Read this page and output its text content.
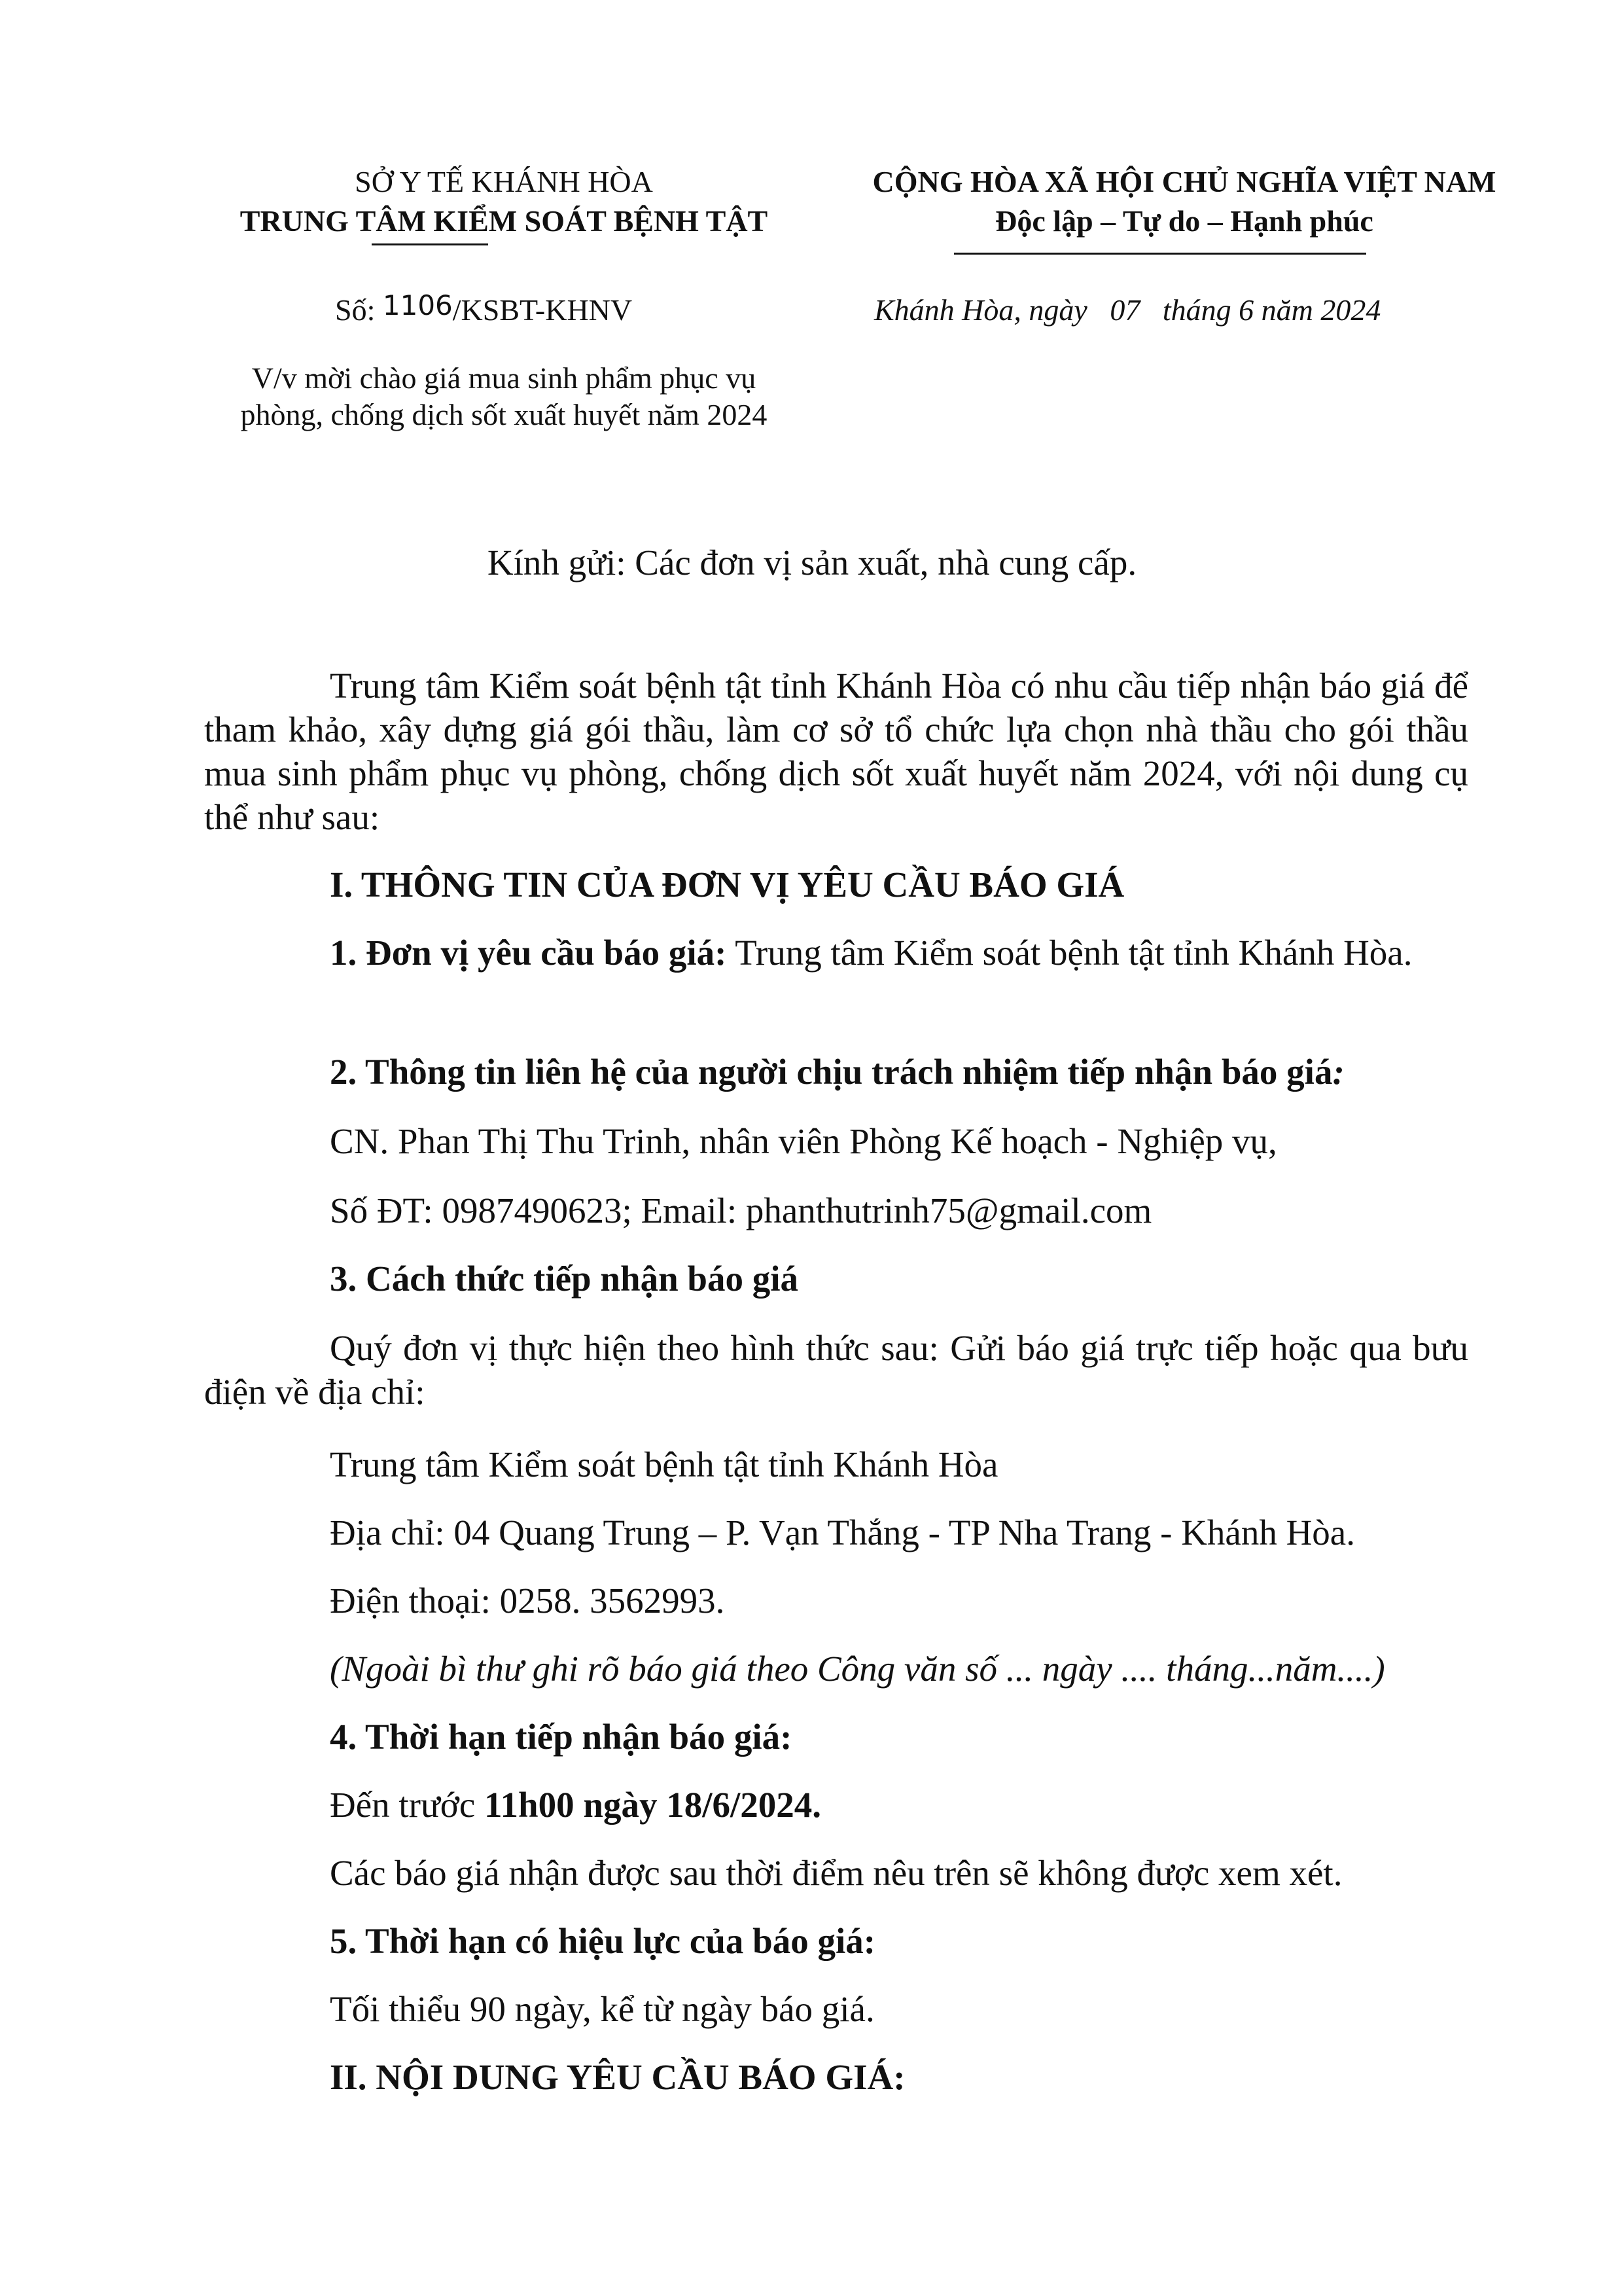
SỞ Y TẾ KHÁNH HÒA
TRUNG TÂM KIỂM SOÁT BỆNH TẬT
Số: 1106/KSBT-KHNV
V/v mời chào giá mua sinh phẩm phục vụ
phòng, chống dịch sốt xuất huyết năm 2024
CỘNG HÒA XÃ HỘI CHỦ NGHĨA VIỆT NAM
Độc lập – Tự do – Hạnh phúc
Khánh Hòa, ngày 07 tháng 6 năm 2024
Kính gửi: Các đơn vị sản xuất, nhà cung cấp.
Trung tâm Kiểm soát bệnh tật tỉnh Khánh Hòa có nhu cầu tiếp nhận báo giá để tham khảo, xây dựng giá gói thầu, làm cơ sở tổ chức lựa chọn nhà thầu cho gói thầu mua sinh phẩm phục vụ phòng, chống dịch sốt xuất huyết năm 2024, với nội dung cụ thể như sau:
I. THÔNG TIN CỦA ĐƠN VỊ YÊU CẦU BÁO GIÁ
1. Đơn vị yêu cầu báo giá: Trung tâm Kiểm soát bệnh tật tỉnh Khánh Hòa.
2. Thông tin liên hệ của người chịu trách nhiệm tiếp nhận báo giá:
CN. Phan Thị Thu Trinh, nhân viên Phòng Kế hoạch - Nghiệp vụ,
Số ĐT: 0987490623; Email: phanthutrinh75@gmail.com
3. Cách thức tiếp nhận báo giá
Quý đơn vị thực hiện theo hình thức sau: Gửi báo giá trực tiếp hoặc qua bưu điện về địa chỉ:
Trung tâm Kiểm soát bệnh tật tỉnh Khánh Hòa
Địa chỉ: 04 Quang Trung – P. Vạn Thắng - TP Nha Trang - Khánh Hòa.
Điện thoại: 0258. 3562993.
(Ngoài bì thư ghi rõ báo giá theo Công văn số ... ngày .... tháng...năm....)
4. Thời hạn tiếp nhận báo giá:
Đến trước 11h00 ngày 18/6/2024.
Các báo giá nhận được sau thời điểm nêu trên sẽ không được xem xét.
5. Thời hạn có hiệu lực của báo giá:
Tối thiểu 90 ngày, kể từ ngày báo giá.
II. NỘI DUNG YÊU CẦU BÁO GIÁ:
